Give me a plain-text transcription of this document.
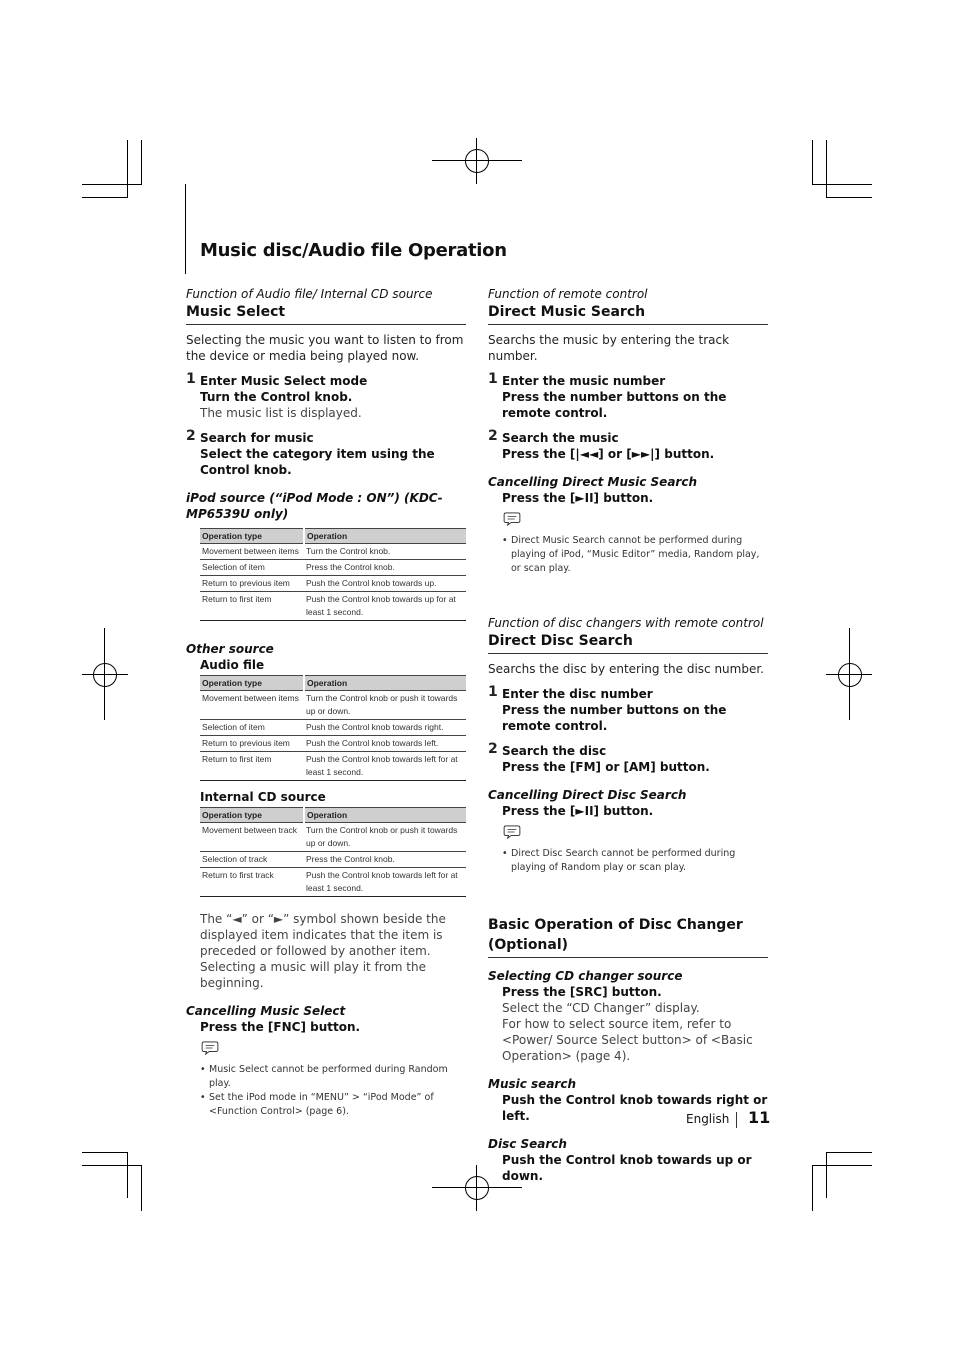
Music disc/Audio file Operation
Function of Audio file/ Internal CD source
Music Select
Selecting the music you want to listen to from the device or media being played now.
1 Enter Music Select mode
Turn the Control knob.
The music list is displayed.
2 Search for music
Select the category item using the Control knob.
iPod source (“iPod Mode : ON”) (KDC-MP6539U only)
Operation type	Operation
Movement between items	Turn the Control knob.
Selection of item	Press the Control knob.
Return to previous item	Push the Control knob towards up.
Return to first item	Push the Control knob towards up for at least 1 second.
Other source
Audio file
Operation type	Operation
Movement between items	Turn the Control knob or push it towards up or down.
Selection of item	Push the Control knob towards right.
Return to previous item	Push the Control knob towards left.
Return to first item	Push the Control knob towards left for at least 1 second.
Internal CD source
Operation type	Operation
Movement between track	Turn the Control knob or push it towards up or down.
Selection of track	Press the Control knob.
Return to first track	Push the Control knob towards left for at least 1 second.
The “◄” or “►” symbol shown beside the displayed item indicates that the item is preceded or followed by another item.
Selecting a music will play it from the beginning.
Cancelling Music Select
Press the [FNC] button.
• Music Select cannot be performed during Random play.
• Set the iPod mode in “MENU” > “iPod Mode” of <Function Control> (page 6).
Function of remote control
Direct Music Search
Searchs the music by entering the track number.
1 Enter the music number
Press the number buttons on the remote control.
2 Search the music
Press the [|◄◄] or [►►|] button.
Cancelling Direct Music Search
Press the [►II] button.
• Direct Music Search cannot be performed during playing of iPod, “Music Editor” media, Random play, or scan play.
Function of disc changers with remote control
Direct Disc Search
Searchs the disc by entering the disc number.
1 Enter the disc number
Press the number buttons on the remote control.
2 Search the disc
Press the [FM] or [AM] button.
Cancelling Direct Disc Search
Press the [►II] button.
• Direct Disc Search cannot be performed during playing of Random play or scan play.
Basic Operation of Disc Changer (Optional)
Selecting CD changer source
Press the [SRC] button.
Select the “CD Changer” display.
For how to select source item, refer to <Power/ Source Select button> of <Basic Operation> (page 4).
Music search
Push the Control knob towards right or left.
Disc Search
Push the Control knob towards up or down.
English 11
